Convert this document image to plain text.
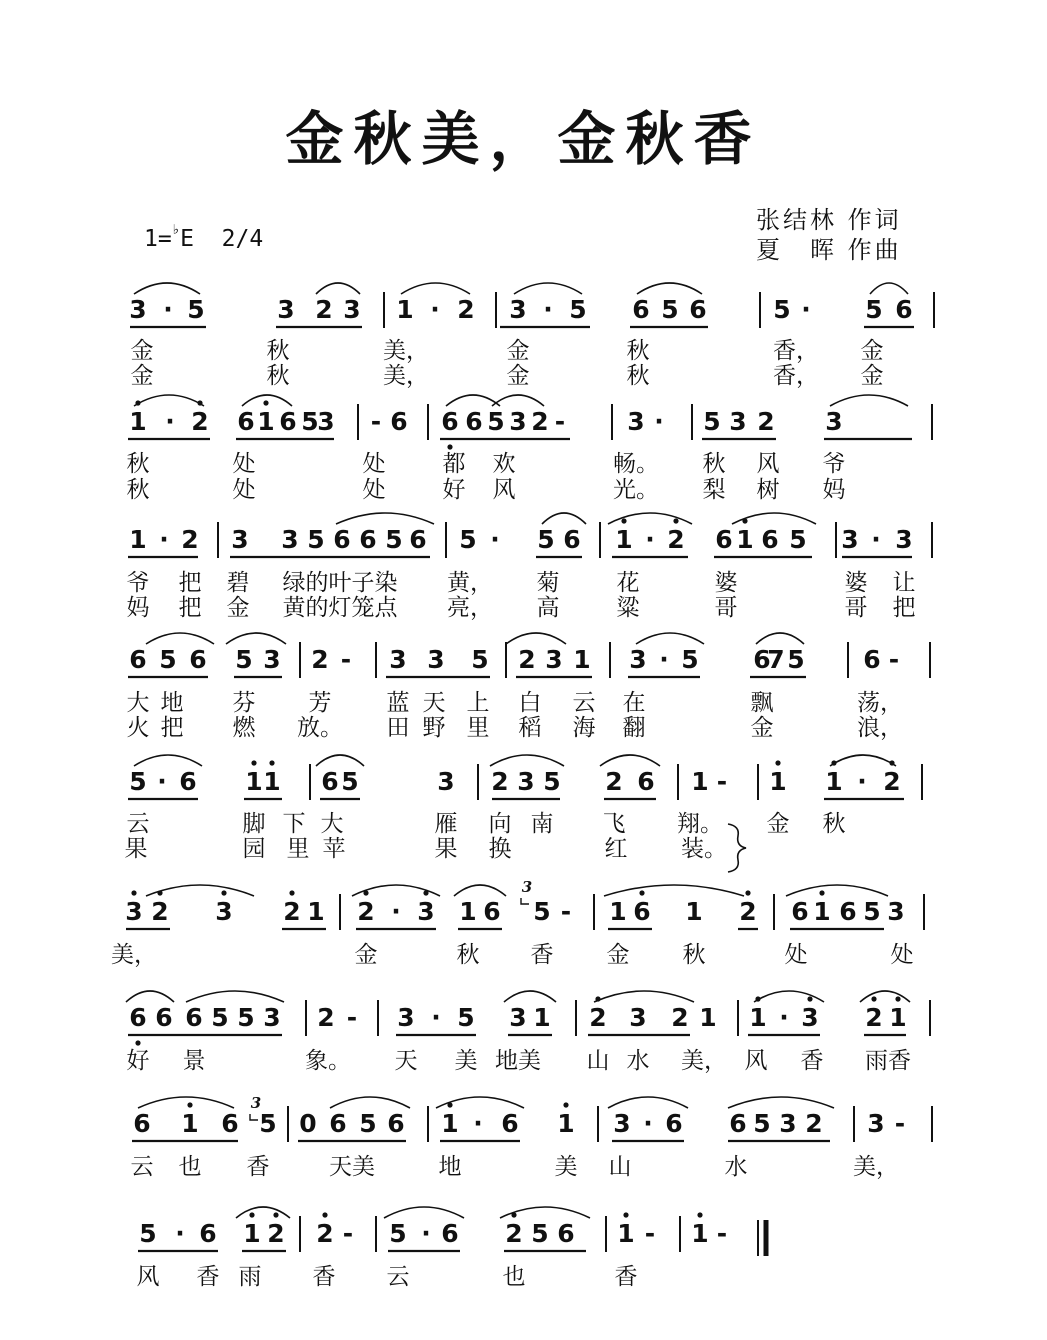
金秋美，金秋香
张结林 作词
夏　晖 作曲
1=♭E  2/4
3 · 5	3 2 3 1 · 2 3 · 5 6 5 6	5 · 5 6
金	秋	美，	金	秋	香， 金
金	秋	美，	金	秋	香， 金
1 · 2 6 1 6 5
3 - 6 6 6 5 3 2 - 3 · 5 3 2 3
秋	处	处 都 欢	畅。 秋 风 爷
秋	处	处 好 风	光。 梨 树 妈
1 · 2 3 3 5 6 6 5 6 5 · 5 6 1 · 2 6 1 6 5 3 · 3
爷 把 碧 绿的叶子染 黄， 菊 花	婆	婆 让
妈 把 金 黄的灯笼点 亮， 高 粱	哥	哥 把
6 5 6 5 3 2 - 3 3 5 2 3 1 3 · 5 6
7 5 6 -
大 地 芬 芳 蓝 天 上 白 云 在	飘	荡，
火 把 燃 放。 田 野 里 稻 海 翻	金	浪，
5 · 6 1 1 6 5	3 2 3 5 2 6 1 - 1 1 · 2
云	脚 下 大	雁 向 南 飞 翔。 金 秋
果	园 里 苹	果 换	红 装。
3 2 3 2 1 2 · 3 1 6 5 - 1 6 1 2 6 1 6 5 3
美，	金	秋 香 金 秋	处	处
6 6 6 5 5 3 2 - 3 · 5 3 1 2 3 2 1 1 · 3 2 1
好 景	象。 天 美 地美 山 水 美， 风 香 雨香
6 1 6 5 0 6 5 6 1 · 6 1 3 · 6 6 5 3 2 3 -
云 也 香	天美	地	美 山	水	美，
5 · 6 1 2 2 - 5 · 6 2 5 6 1 - 1 -
风 香 雨 香 云	也	香
3
3
